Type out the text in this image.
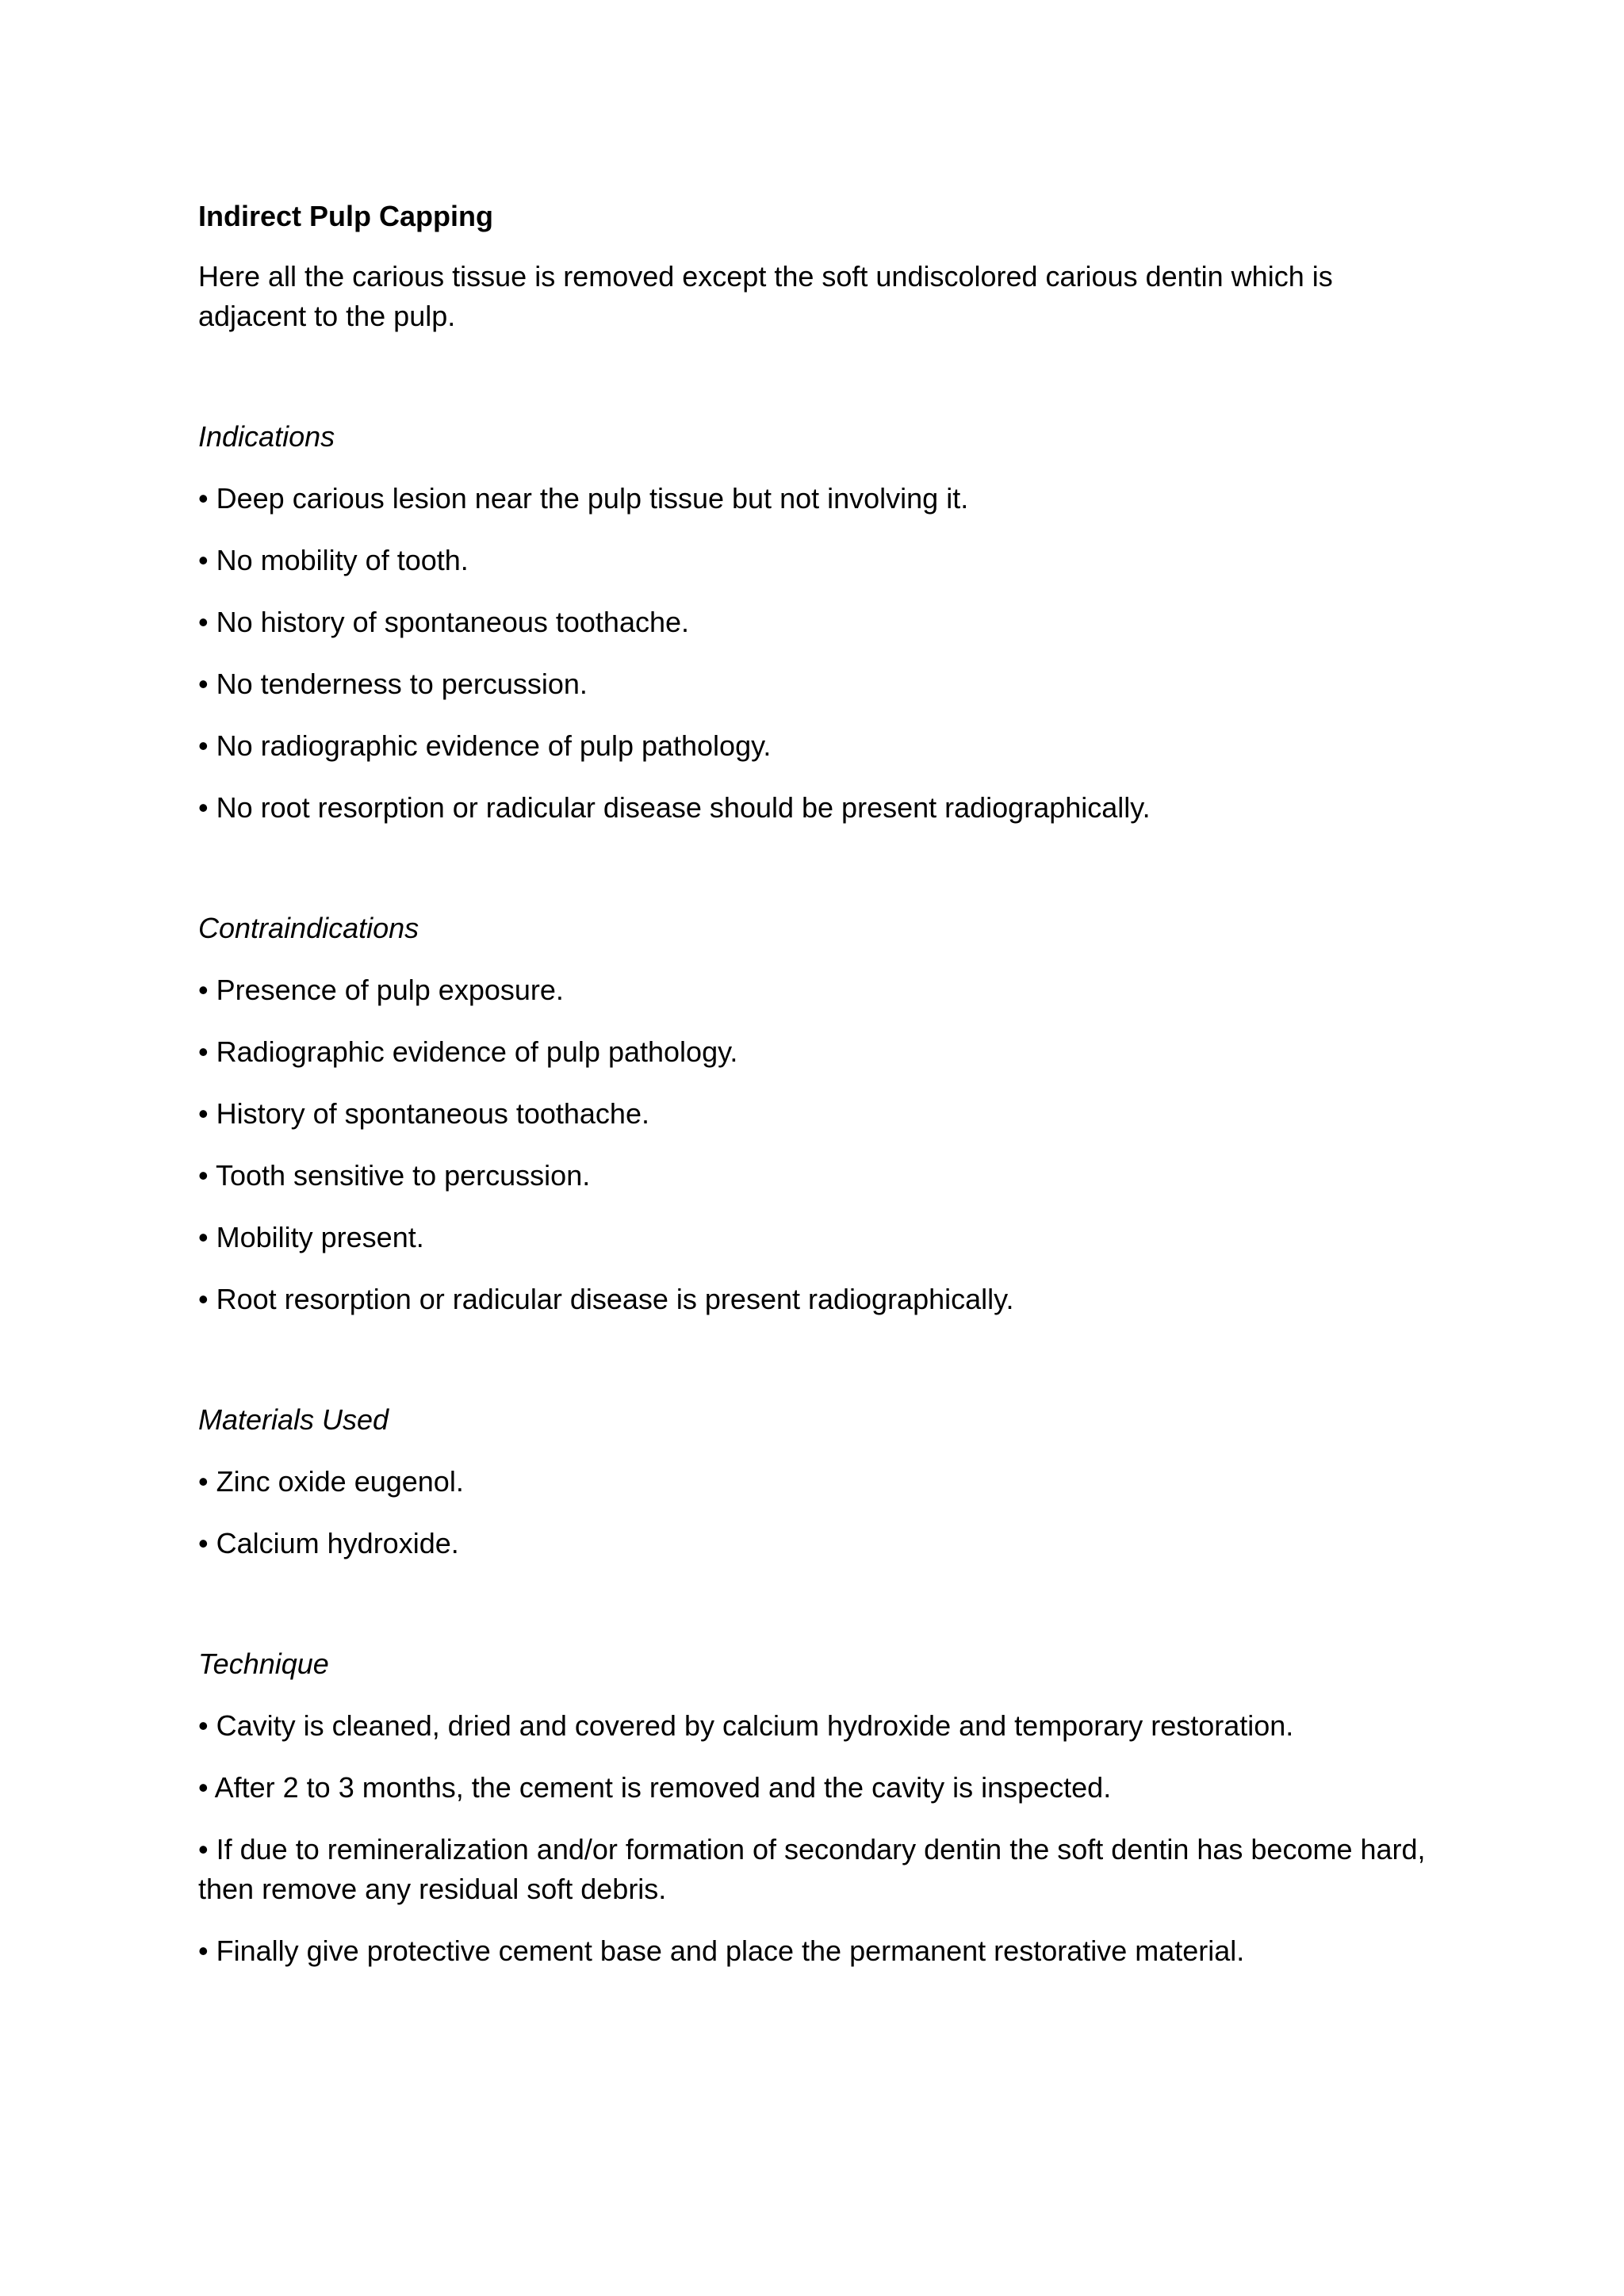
Indirect Pulp Capping

Here all the carious tissue is removed except the soft undiscolored carious dentin which is adjacent to the pulp.

Indications

• Deep carious lesion near the pulp tissue but not involving it.
• No mobility of tooth.
• No history of spontaneous toothache.
• No tenderness to percussion.
• No radiographic evidence of pulp pathology.
• No root resorption or radicular disease should be present radiographically.

Contraindications

• Presence of pulp exposure.
• Radiographic evidence of pulp pathology.
• History of spontaneous toothache.
• Tooth sensitive to percussion.
• Mobility present.
• Root resorption or radicular disease is present radiographically.

Materials Used

• Zinc oxide eugenol.
• Calcium hydroxide.

Technique

• Cavity is cleaned, dried and covered by calcium hydroxide and temporary restoration.
• After 2 to 3 months, the cement is removed and the cavity is inspected.
• If due to remineralization and/or formation of secondary dentin the soft dentin has become hard, then remove any residual soft debris.
• Finally give protective cement base and place the permanent restorative material.
